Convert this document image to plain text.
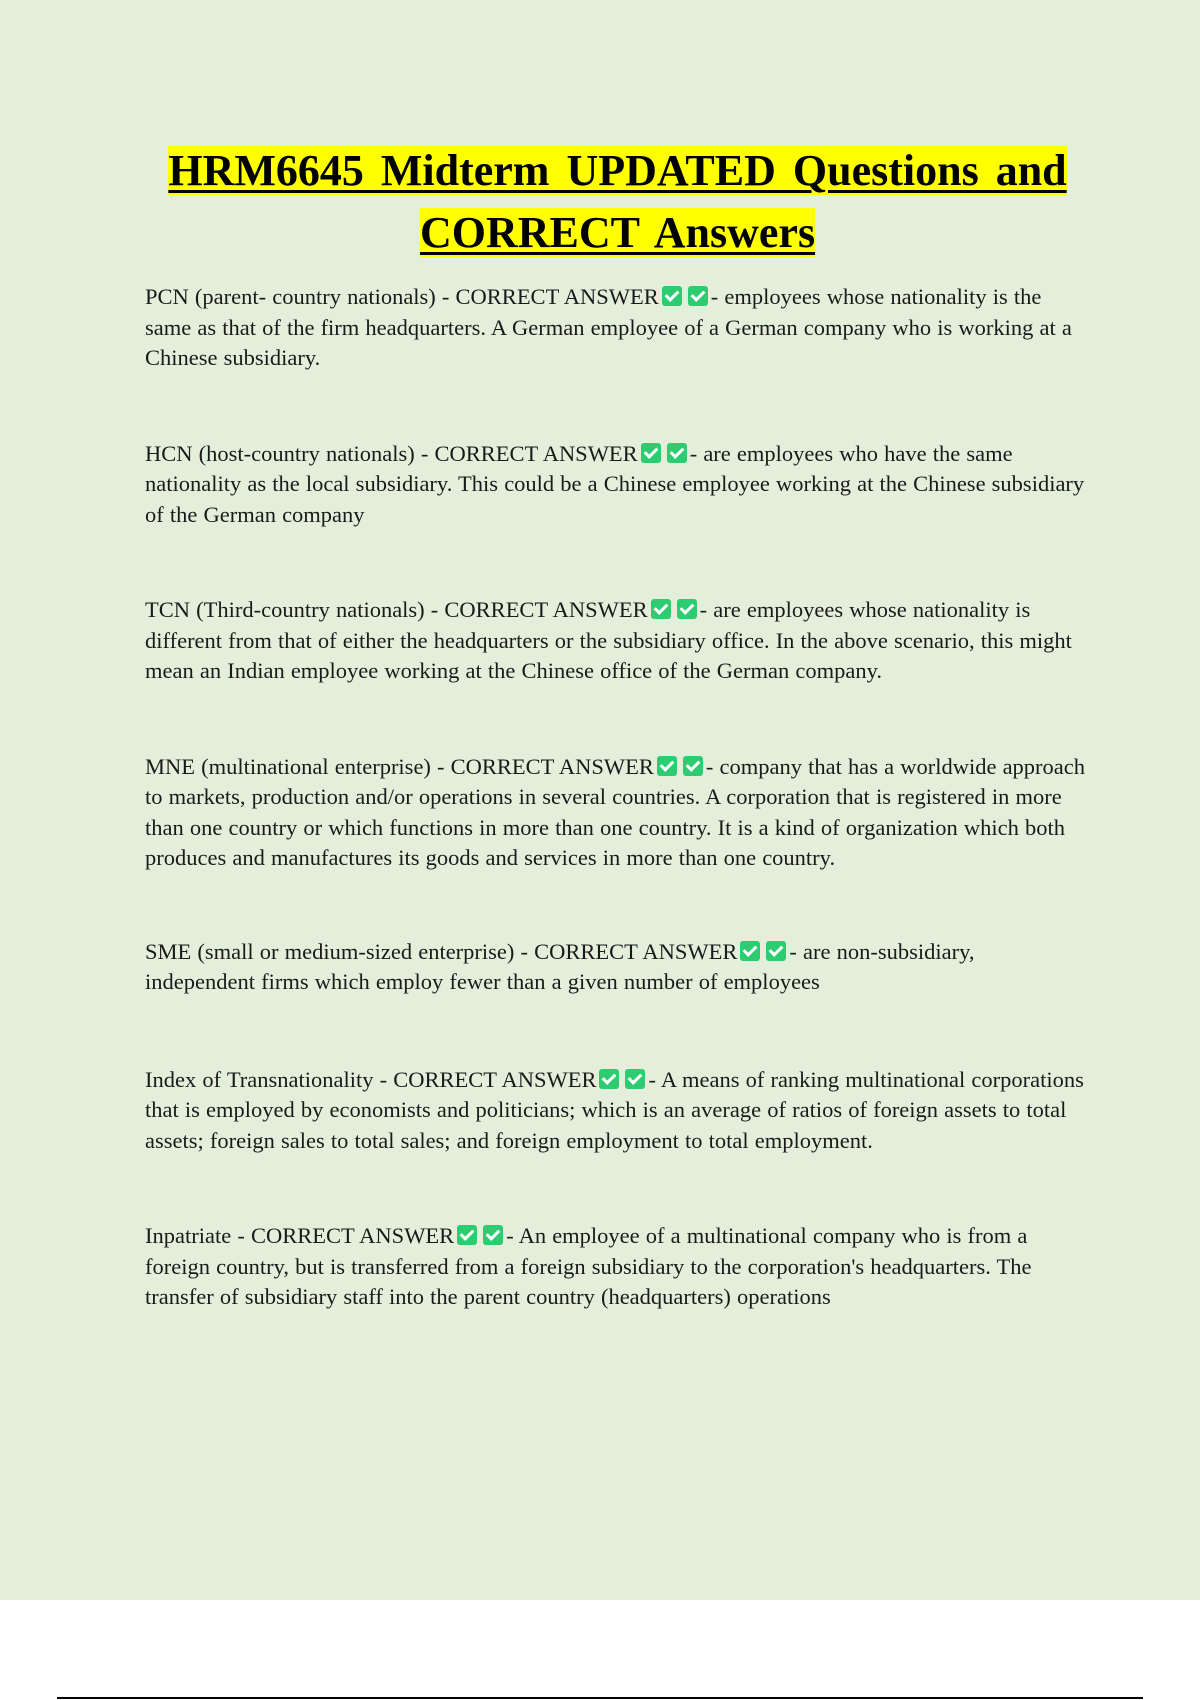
HRM6645 Midterm UPDATED Questions and CORRECT Answers

PCN (parent- country nationals) - CORRECT ANSWER - employees whose nationality is the same as that of the firm headquarters. A German employee of a German company who is working at a Chinese subsidiary.

HCN (host-country nationals) - CORRECT ANSWER - are employees who have the same nationality as the local subsidiary. This could be a Chinese employee working at the Chinese subsidiary of the German company

TCN (Third-country nationals) - CORRECT ANSWER - are employees whose nationality is different from that of either the headquarters or the subsidiary office. In the above scenario, this might mean an Indian employee working at the Chinese office of the German company.

MNE (multinational enterprise) - CORRECT ANSWER - company that has a worldwide approach to markets, production and/or operations in several countries. A corporation that is registered in more than one country or which functions in more than one country. It is a kind of organization which both produces and manufactures its goods and services in more than one country.

SME (small or medium-sized enterprise) - CORRECT ANSWER - are non-subsidiary, independent firms which employ fewer than a given number of employees

Index of Transnationality - CORRECT ANSWER - A means of ranking multinational corporations that is employed by economists and politicians; which is an average of ratios of foreign assets to total assets; foreign sales to total sales; and foreign employment to total employment.

Inpatriate - CORRECT ANSWER - An employee of a multinational company who is from a foreign country, but is transferred from a foreign subsidiary to the corporation's headquarters. The transfer of subsidiary staff into the parent country (headquarters) operations
